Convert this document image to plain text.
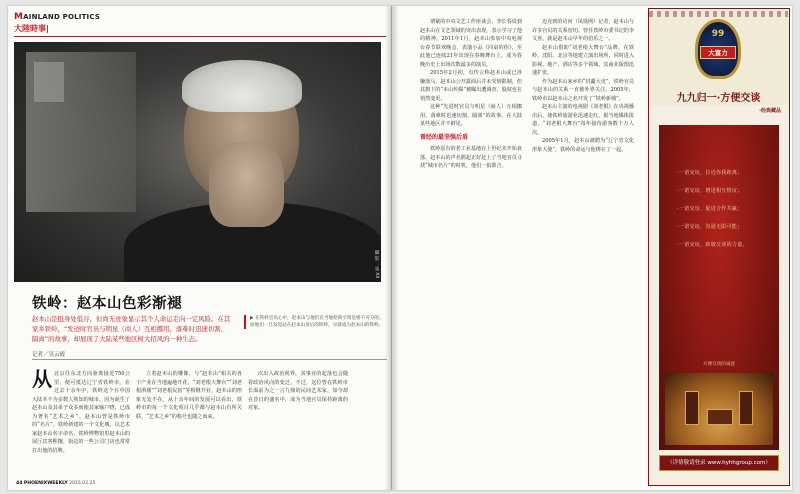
MAINLAND POLITICS
大陸時事|
攝 影 ：張 XX
铁岭：赵本山色彩渐褪
赵本山是挺身处低谷，但尚无迹象显示其个人命运走向一定风险。在其家乡铁岭，“发迹时官员与明星（商人）互相挪用，落难时迅速切割、隔离”的故事，却展现了大陆某些地区树大招风的一种生态。
▶ 在铁岭官员心中，赵本山与他们在当地招商引资是密不可分的。而他们一旦发觉站在赵本山身后的铁岭，早就成为赵本山的铁岭。
记者／吴云霞
从 北京往东北方向驱离接近750公里，便可抵达辽宁省铁岭市。在过去十余年中，铁岭这个在中国大陆本不为多数人熟知的城市，因为诞生了赵本山及其弟子众多而使其家喻户晓，已成为著名“艺术之乡”。赵本山曾是铁岭市的“名片”。铁岭新建的一个文化城，以艺术家赵本山名字命名，铁岭博物馆里赵本山的展厅宾客熙攘，街边的一些公司门店也常常打出他的招牌。

立着赵本山的雕像。与“赵本山”相关的各个产业在当地遍地开花，“刘老根大舞台”“刘老根酒楼”“刘老根民宿”等相继开业，赵本山的形象无处不在。从十余年间的发展可以看出，铁岭市的每一个文化项目几乎都与赵本山有所关联，“艺术之乡”的称号也随之而来。

次出入政治视界，其事业的起落也会随着政治风向的变迁。不过，这位曾在铁岭市长面前为之一言九鼎的民间艺术家，如今却在昔日的盛名中，成为当地官员保持距离的对象。

44 PHOENIXWEEKLY 2015.02.25

谓紧的中央文艺工作座谈会，李长春说到赵本山在文艺领域的突出表现，表示学习了他的精神。2011年1月，赵本山参加中央电视台春节联欢晚会，表演小品《同桌的你》，至此他已连续21年出现在春晚舞台上，成为春晚历史上出场次数最多的演员。

2015年2月初，有传言称赵本山或已涉嫌落马，赵本山公开露面后并未受到限制，但其旗下的“本山传媒”被曝出遭调查，股权也在悄然变更。

这种“先进时官员与明星（商人）互相挪用、落难时迅速切割、隔离”的故事，在大陆某些地区并不鲜见。

曾经的最坚强后盾

铁岭原有的老工业基地在上世纪末开始衰落。赵本山的声名鹊起正好赶上了当地官员寻找“城市名片”的时机，他们一拍即合。

迈克到的访问（凤凰网）记者，赵本山与许多官员的关系密切。曾任铁岭市委书记的李文喜，就是赵本山早年的伯乐之一。

赵本山借助“刘老根大舞台”品牌，在铁岭、沈阳、北京等地建立演出场所，同时进入影视、地产、酒店等多个领域，其商业版图迅速扩张。

作为赵本山家乡的“封疆大吏”，铁岭官员与赵本山的关系一直被外界关注。2005年，铁岭市以赵本山之名开发了“铁岭新城”。

赵本山主演的电视剧《刘老根》在央视播出后，使铁岭旅游业迅速走红。据当地媒体报道，“刘老根大舞台”每年接待游客数十万人次。

2005年1月，赵本山被聘为“辽宁省文化形象大使”，铁岭的命运与他绑在了一起。

99
大富力
九九归一·方便交谈
·经典藏品
·一诺交谊，拉近你我距离；
·一诺交谊，增进相互情谊；
·一诺交谊，促进合作共赢；
·一诺交谊，沟通无限可能；
·一诺交谊，致敬交谈的力量。
方便交谈的诚意
（详情敬请登录 www.hyhhgroup.com）
